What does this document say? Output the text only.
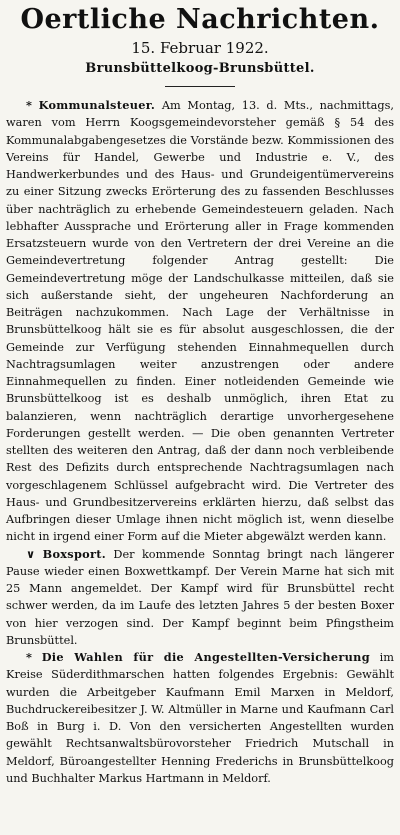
Oertliche Nachrichten.
15. Februar 1922.
Brunsbüttelkoog-Brunsbüttel.

* Kommunalsteuer. Am Montag, 13. d. Mts., nachmittags, waren vom Herrn Koogsgemeindevorsteher gemäß § 54 des Kommunalabgabengesetzes die Vorstände bezw. Kommissionen des Vereins für Handel, Gewerbe und Industrie e. V., des Handwerkerbundes und des Haus- und Grundeigentümervereins zu einer Sitzung zwecks Erörterung des zu fassenden Beschlusses über nachträglich zu erhebende Gemeindesteuern geladen. Nach lebhafter Aussprache und Erörterung aller in Frage kommenden Ersatzsteuern wurde von den Vertretern der drei Vereine an die Gemeindevertretung folgender Antrag gestellt: Die Gemeindevertretung möge der Landschulkasse mitteilen, daß sie sich außerstande sieht, der ungeheuren Nachforderung an Beiträgen nachzukommen. Nach Lage der Verhältnisse in Brunsbüttelkoog hält sie es für absolut ausgeschlossen, die der Gemeinde zur Verfügung stehenden Einnahmequellen durch Nachtragsumlagen weiter anzustrengen oder andere Einnahmequellen zu finden. Einer notleidenden Gemeinde wie Brunsbüttelkoog ist es deshalb unmöglich, ihren Etat zu balanzieren, wenn nachträglich derartige unvorhergesehene Forderungen gestellt werden. — Die oben genannten Vertreter stellten des weiteren den Antrag, daß der dann noch verbleibende Rest des Defizits durch entsprechende Nachtragsumlagen nach vorgeschlagenem Schlüssel aufgebracht wird. Die Vertreter des Haus- und Grundbesitzervereins erklärten hierzu, daß selbst das Aufbringen dieser Umlage ihnen nicht möglich ist, wenn dieselbe nicht in irgend einer Form auf die Mieter abgewälzt werden kann.

∨ Boxsport. Der kommende Sonntag bringt nach längerer Pause wieder einen Boxwettkampf. Der Verein Marne hat sich mit 25 Mann angemeldet. Der Kampf wird für Brunsbüttel recht schwer werden, da im Laufe des letzten Jahres 5 der besten Boxer von hier verzogen sind. Der Kampf beginnt beim Pfingstheim Brunsbüttel.

* Die Wahlen für die Angestellten-Versicherung im Kreise Süderdithmarschen hatten folgendes Ergebnis: Gewählt wurden die Arbeitgeber Kaufmann Emil Marxen in Meldorf, Buchdruckereibesitzer J. W. Altmüller in Marne und Kaufmann Carl Boß in Burg i. D. Von den versicherten Angestellten wurden gewählt Rechtsanwaltsbürovorsteher Friedrich Mutschall in Meldorf, Büroangestellter Henning Frederichs in Brunsbüttelkoog und Buchhalter Markus Hartmann in Meldorf.
